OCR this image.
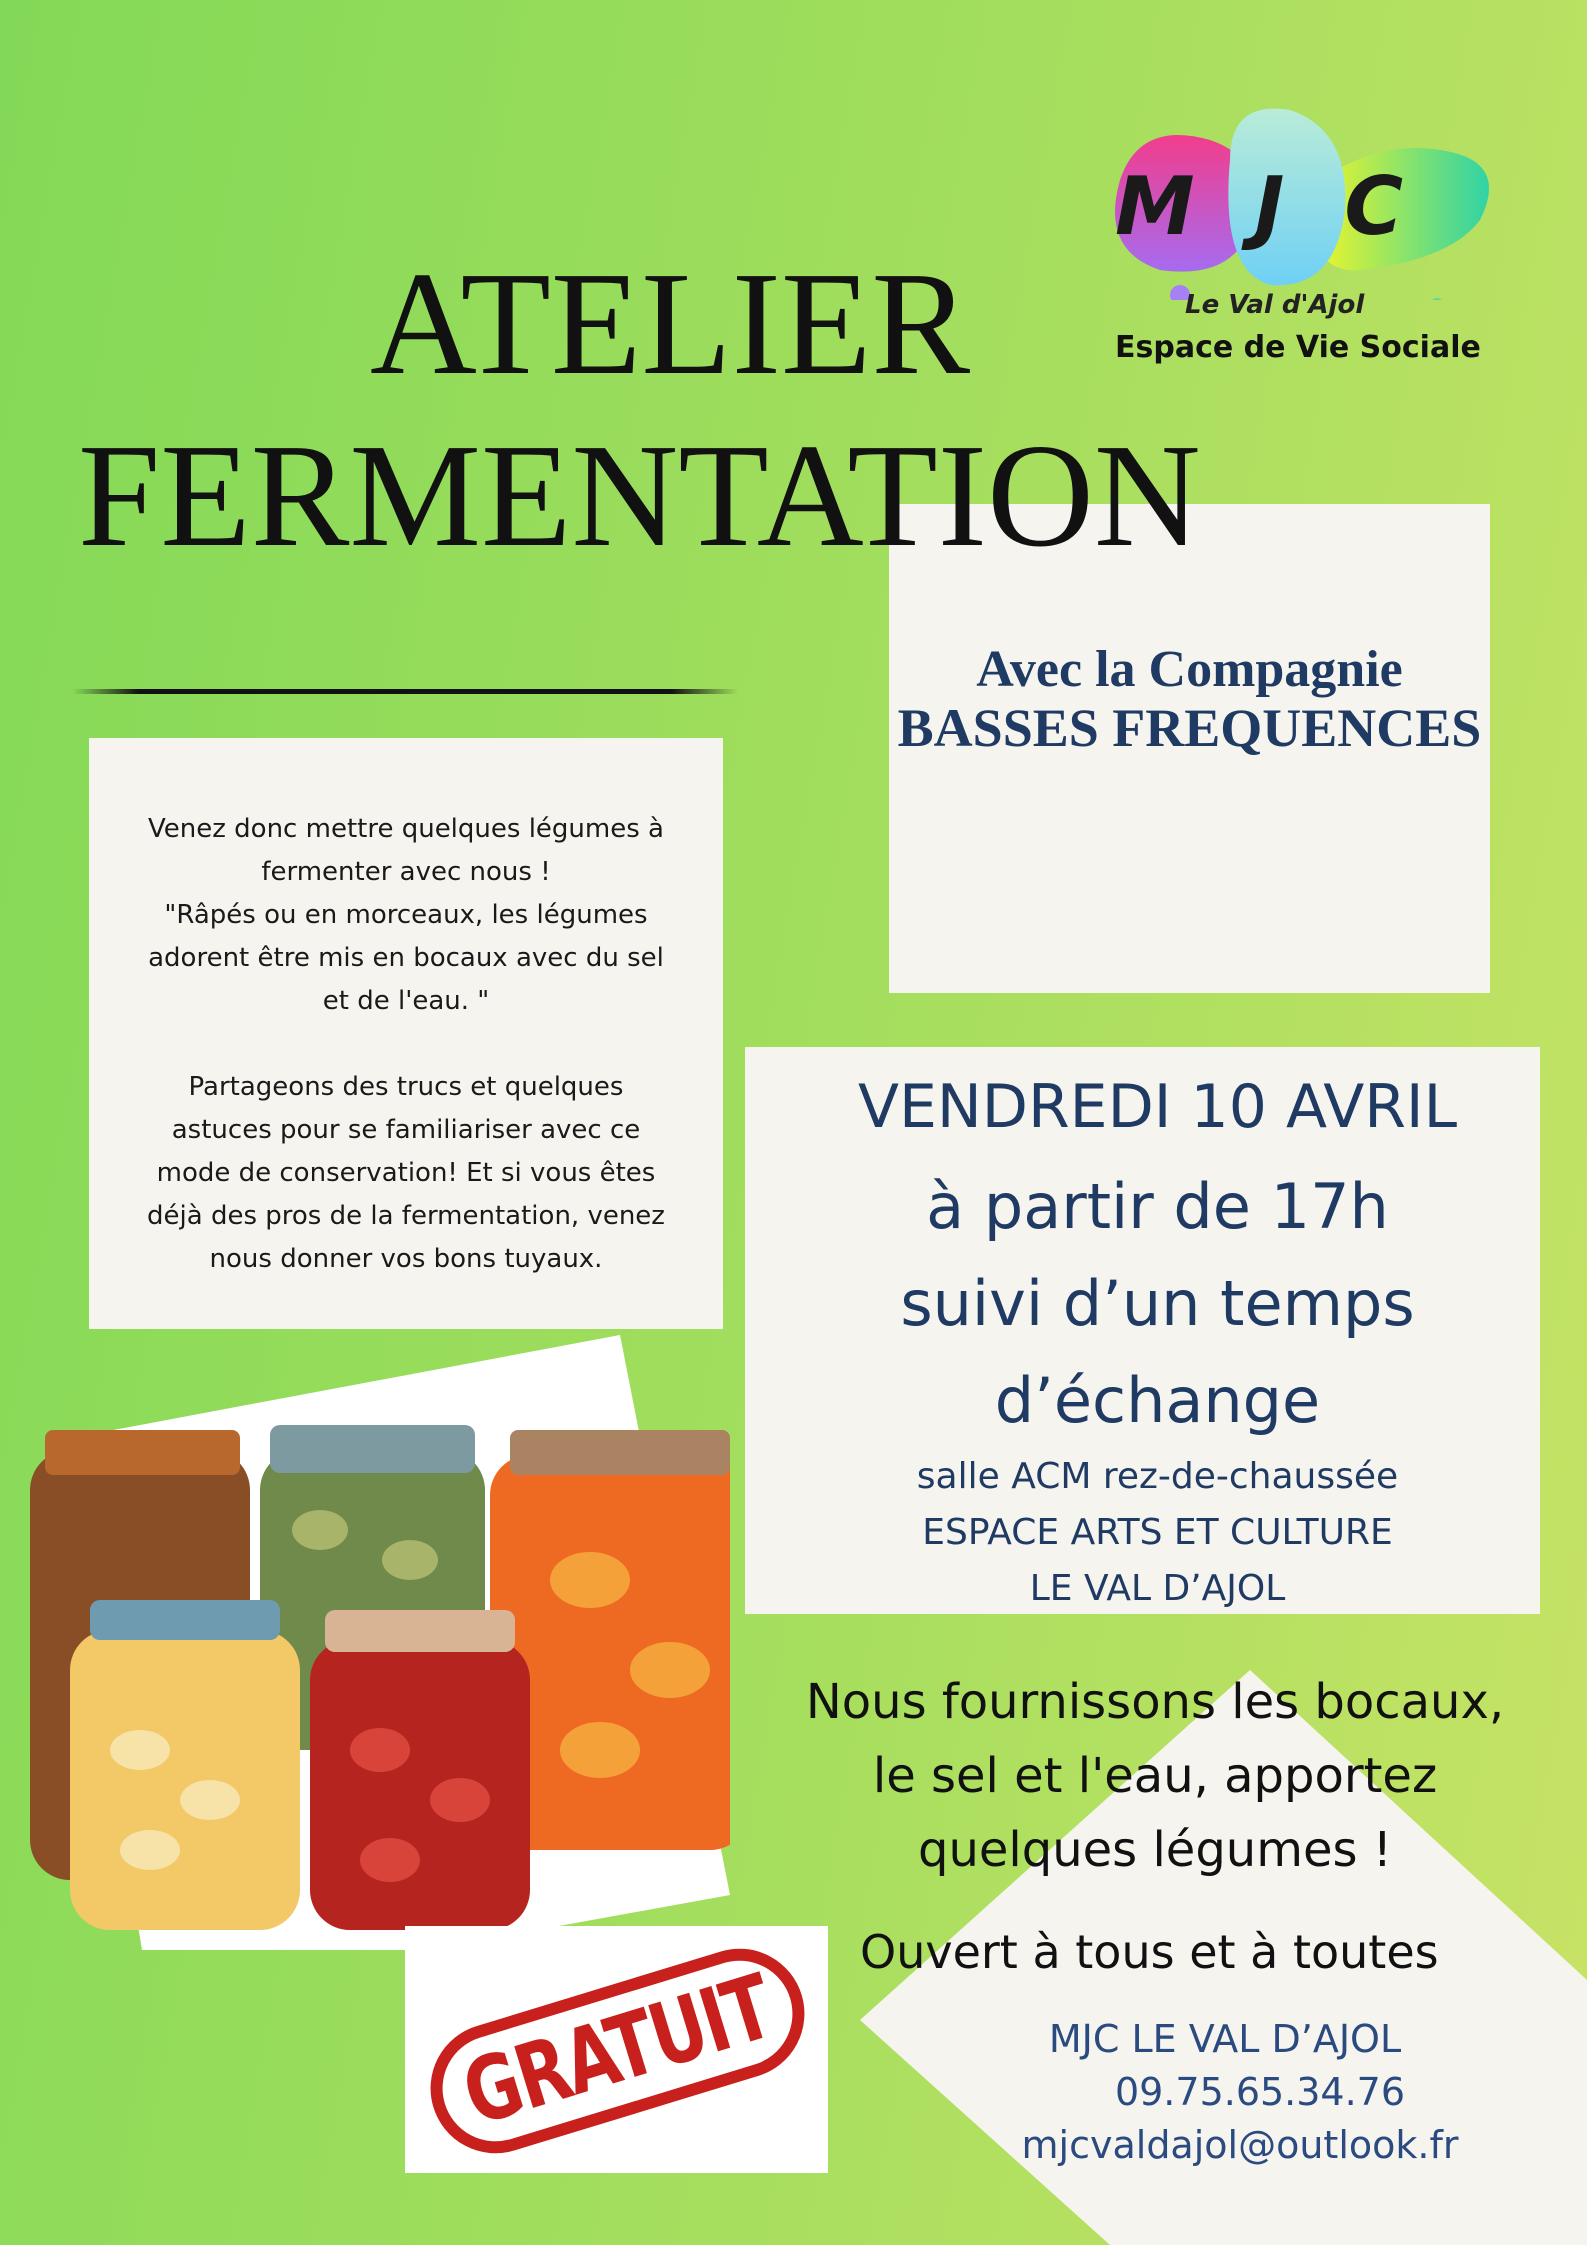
MJC
Le Val d'Ajol
Espace de Vie Sociale
ATELIER
FERMENTATION
Avec la Compagnie
BASSES FREQUENCES
Venez donc mettre quelques légumes à
fermenter avec nous !
"Râpés ou en morceaux, les légumes
adorent être mis en bocaux avec du sel
et de l'eau. "
Partageons des trucs et quelques
astuces pour se familiariser avec ce
mode de conservation! Et si vous êtes
déjà des pros de la fermentation, venez
nous donner vos bons tuyaux.
VENDREDI 10 AVRIL
à partir de 17h
suivi d’un temps
d’échange
salle ACM rez-de-chaussée
ESPACE ARTS ET CULTURE
LE VAL D’AJOL
Nous fournissons les bocaux,
le sel et l'eau, apportez
quelques légumes !
Ouvert à tous et à toutes
MJC LE VAL D’AJOL
09.75.65.34.76
mjcvaldajol@outlook.fr
GRATUIT
